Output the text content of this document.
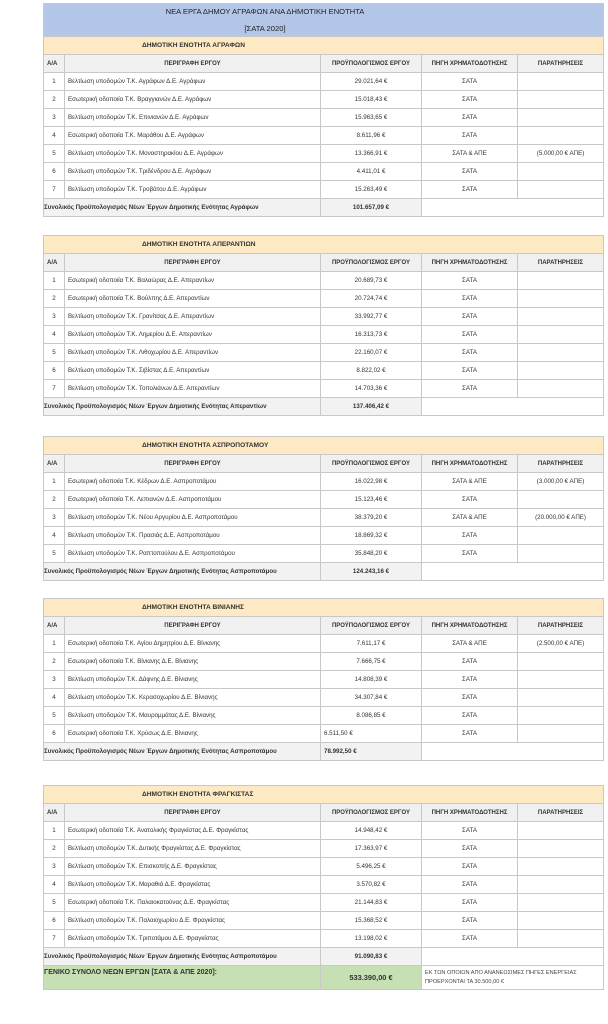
ΝΕΑ ΕΡΓΑ ΔΗΜΟΥ ΑΓΡΑΦΩΝ ΑΝΑ ΔΗΜΟΤΙΚΗ ΕΝΟΤΗΤΑ
[ΣΑΤΑ 2020]
ΔΗΜΟΤΙΚΗ ΕΝΟΤΗΤΑ ΑΓΡΑΦΩΝ				
Α/Α	ΠΕΡΙΓΡΑΦΗ ΕΡΓΟΥ	ΠΡΟΫΠΟΛΟΓΙΣΜΟΣ ΕΡΓΟΥ	ΠΗΓΗ ΧΡΗΜΑΤΟΔΟΤΗΣΗΣ	ΠΑΡΑΤΗΡΗΣΕΙΣ
1	Βελτίωση υποδομών Τ.Κ. Αγράφων Δ.Ε. Αγράφων	29.021,64 €	ΣΑΤΑ	
2	Εσωτερική οδοποιία Τ.Κ. Βραγγιανών Δ.Ε. Αγράφων	15.018,43 €	ΣΑΤΑ	
3	Βελτίωση υποδομών Τ.Κ. Επινιανών Δ.Ε. Αγράφων	15.963,65 €	ΣΑΤΑ	
4	Εσωτερική οδοποιία Τ.Κ. Μαράθου Δ.Ε. Αγράφων	8.611,96 €	ΣΑΤΑ	
5	Βελτίωση υποδομών Τ.Κ. Μοναστηρακίου Δ.Ε. Αγράφων	13.366,91 €	ΣΑΤΑ & ΑΠΕ	(5.000,00 € ΑΠΕ)
6	Βελτίωση υποδομών Τ.Κ. Τριδένδρου Δ.Ε. Αγράφων	4.411,01 €	ΣΑΤΑ	
7	Βελτίωση υποδομών Τ.Κ. Τροβάτου Δ.Ε. Αγράφων	15.263,49 €	ΣΑΤΑ	
Συνολικός Προϋπολογισμός Νέων Έργων Δημοτικής Ενότητας Αγράφων		101.657,09 €		
ΔΗΜΟΤΙΚΗ ΕΝΟΤΗΤΑ ΑΠΕΡΑΝΤΙΩΝ				
Α/Α	ΠΕΡΙΓΡΑΦΗ ΕΡΓΟΥ	ΠΡΟΫΠΟΛΟΓΙΣΜΟΣ ΕΡΓΟΥ	ΠΗΓΗ ΧΡΗΜΑΤΟΔΟΤΗΣΗΣ	ΠΑΡΑΤΗΡΗΣΕΙΣ
1	Εσωτερική οδοποιία Τ.Κ. Βαλαώρας Δ.Ε. Απεραντίων	20.689,73 €	ΣΑΤΑ	
2	Εσωτερική οδοποιία Τ.Κ. Βούλπης Δ.Ε. Απεραντίων	20.724,74 €	ΣΑΤΑ	
3	Βελτίωση υποδομών Τ.Κ. Γρανίτσας Δ.Ε. Απεραντίων	33.992,77 €	ΣΑΤΑ	
4	Βελτίωση υποδομών Τ.Κ. Λημερίου Δ.Ε. Απεραντίων	16.313,73 €	ΣΑΤΑ	
5	Βελτίωση υποδομών Τ.Κ. Λιθοχωρίου Δ.Ε. Απεραντίων	22.160,07 €	ΣΑΤΑ	
6	Βελτίωση υποδομών Τ.Κ. Σιβίστας Δ.Ε. Απεραντίων	8.822,02 €	ΣΑΤΑ	
7	Βελτίωση υποδομών Τ.Κ. Τοπολιάνων Δ.Ε. Απεραντίων	14.703,36 €	ΣΑΤΑ	
Συνολικός Προϋπολογισμός Νέων Έργων Δημοτικής Ενότητας Απεραντίων		137.406,42 €		
ΔΗΜΟΤΙΚΗ ΕΝΟΤΗΤΑ ΑΣΠΡΟΠΟΤΑΜΟΥ				
Α/Α	ΠΕΡΙΓΡΑΦΗ ΕΡΓΟΥ	ΠΡΟΫΠΟΛΟΓΙΣΜΟΣ ΕΡΓΟΥ	ΠΗΓΗ ΧΡΗΜΑΤΟΔΟΤΗΣΗΣ	ΠΑΡΑΤΗΡΗΣΕΙΣ
1	Εσωτερική οδοποιία Τ.Κ. Κέδρων Δ.Ε. Ασπροποτάμου	16.022,98 €	ΣΑΤΑ & ΑΠΕ	(3.000,00 € ΑΠΕ)
2	Εσωτερική οδοποιία Τ.Κ. Λεπιανών Δ.Ε. Ασπροποτάμου	15.123,46 €	ΣΑΤΑ	
3	Βελτίωση υποδομών Τ.Κ. Νέου Αργυρίου Δ.Ε. Ασπροποτάμου	38.379,20 €	ΣΑΤΑ & ΑΠΕ	(20.000,00 € ΑΠΕ)
4	Βελτίωση υποδομών Τ.Κ. Πρασιάς Δ.Ε. Ασπροποτάμου	18.869,32 €	ΣΑΤΑ	
5	Βελτίωση υποδομών Τ.Κ. Ραπτοπούλου Δ.Ε. Ασπροποτάμου	35.848,20 €	ΣΑΤΑ	
Συνολικός Προϋπολογισμός Νέων Έργων Δημοτικής Ενότητας Ασπροποτάμου		124.243,16 €		
ΔΗΜΟΤΙΚΗ ΕΝΟΤΗΤΑ ΒΙΝΙΑΝΗΣ				
Α/Α	ΠΕΡΙΓΡΑΦΗ ΕΡΓΟΥ	ΠΡΟΫΠΟΛΟΓΙΣΜΟΣ ΕΡΓΟΥ	ΠΗΓΗ ΧΡΗΜΑΤΟΔΟΤΗΣΗΣ	ΠΑΡΑΤΗΡΗΣΕΙΣ
1	Εσωτερική οδοποιία Τ.Κ. Αγίου Δημητρίου Δ.Ε. Βίνιανης	7.611,17 €	ΣΑΤΑ & ΑΠΕ	(2.500,00 € ΑΠΕ)
2	Εσωτερική οδοποιία Τ.Κ. Βίνιανης Δ.Ε. Βίνιανης	7.666,75 €	ΣΑΤΑ	
3	Βελτίωση υποδομών Τ.Κ. Δάφνης Δ.Ε. Βίνιανης	14.808,39 €	ΣΑΤΑ	
4	Βελτίωση υποδομών Τ.Κ. Κερασοχωρίου Δ.Ε. Βίνιανης	34.307,84 €	ΣΑΤΑ	
5	Βελτίωση υποδομών Τ.Κ. Μαυρομμάτας Δ.Ε. Βίνιανης	8.086,85 €	ΣΑΤΑ	
6	Εσωτερική οδοποιία Τ.Κ. Χρύσως Δ.Ε. Βίνιανης	6.511,50 €	ΣΑΤΑ	
Συνολικός Προϋπολογισμός Νέων Έργων Δημοτικής Ενότητας Ασπροποτάμου		78.992,50 €		
ΔΗΜΟΤΙΚΗ ΕΝΟΤΗΤΑ ΦΡΑΓΚΙΣΤΑΣ				
Α/Α	ΠΕΡΙΓΡΑΦΗ ΕΡΓΟΥ	ΠΡΟΫΠΟΛΟΓΙΣΜΟΣ ΕΡΓΟΥ	ΠΗΓΗ ΧΡΗΜΑΤΟΔΟΤΗΣΗΣ	ΠΑΡΑΤΗΡΗΣΕΙΣ
1	Εσωτερική οδοποιία Τ.Κ. Ανατολικής Φραγκίστας Δ.Ε. Φραγκίστας	14.948,42 €	ΣΑΤΑ	
2	Βελτίωση υποδομών Τ.Κ. Δυτικής Φραγκίστας Δ.Ε. Φραγκίστας	17.363,97 €	ΣΑΤΑ	
3	Βελτίωση υποδομών Τ.Κ. Επισκοπής Δ.Ε. Φραγκίστας	5.496,25 €	ΣΑΤΑ	
4	Βελτίωση υποδομών Τ.Κ. Μαραθιά Δ.Ε. Φραγκίστας	3.570,82 €	ΣΑΤΑ	
5	Εσωτερική οδοποιία Τ.Κ. Παλαιοκατούνας Δ.Ε. Φραγκίστας	21.144,83 €	ΣΑΤΑ	
6	Βελτίωση υποδομών Τ.Κ. Παλαιοχωρίου Δ.Ε. Φραγκίστας	15.368,52 €	ΣΑΤΑ	
7	Βελτίωση υποδομών Τ.Κ. Τριποτάμου Δ.Ε. Φραγκίστας	13.198,02 €	ΣΑΤΑ	
Συνολικός Προϋπολογισμός Νέων Έργων Δημοτικής Ενότητας Ασπροποτάμου		91.090,83 €		
ΓΕΝΙΚΟ ΣΥΝΟΛΟ ΝΕΩΝ ΕΡΓΩΝ [ΣΑΤΑ & ΑΠΕ 2020]:	533.390,00 €	ΕΚ ΤΩΝ ΟΠΟΙΩΝ ΑΠΟ ΑΝΑΝΕΩΣΙΜΕΣ ΠΗΓΕΣ ΕΝΕΡΓΕΙΑΣ ΠΡΟΕΡΧΟΝΤΑΙ ΤΑ 30.500,00 €
